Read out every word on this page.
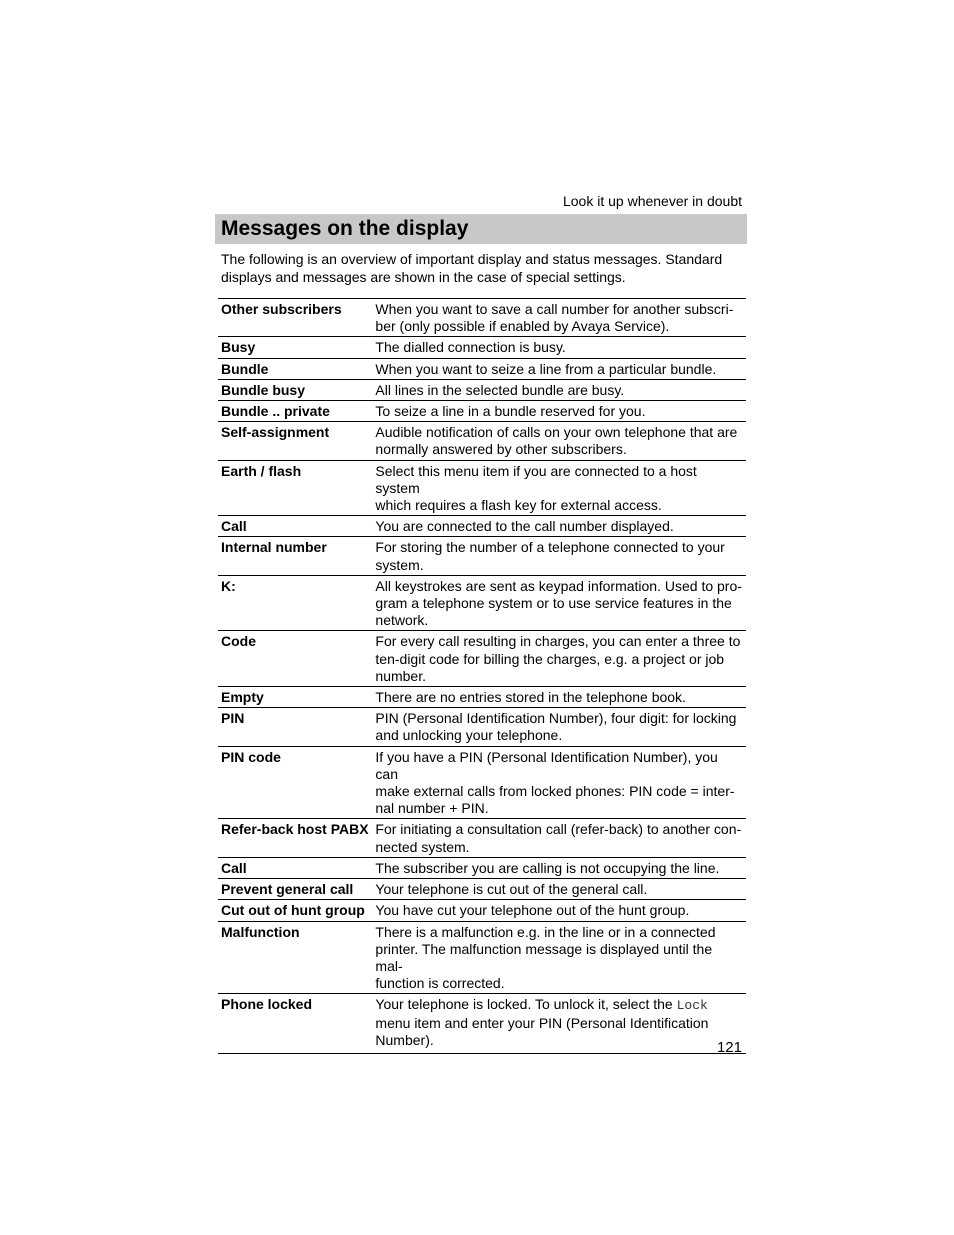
Look it up whenever in doubt
Messages on the display

The following is an overview of important display and status messages. Standard displays and messages are shown in the case of special settings.

Other subscribers	When you want to save a call number for another subscri-
ber (only possible if enabled by Avaya Service).
Busy	The dialled connection is busy.
Bundle	When you want to seize a line from a particular bundle.
Bundle busy	All lines in the selected bundle are busy.
Bundle .. private	To seize a line in a bundle reserved for you.
Self-assignment	Audible notification of calls on your own telephone that are
normally answered by other subscribers.
Earth / flash	Select this menu item if you are connected to a host system
which requires a flash key for external access.
Call	You are connected to the call number displayed.
Internal number	For storing the number of a telephone connected to your
system.
K:	All keystrokes are sent as keypad information. Used to pro-
gram a telephone system or to use service features in the
network.
Code	For every call resulting in charges, you can enter a three to
ten-digit code for billing the charges, e.g. a project or job
number.
Empty	There are no entries stored in the telephone book.
PIN	PIN (Personal Identification Number), four digit: for locking
and unlocking your telephone.
PIN code	If you have a PIN (Personal Identification Number), you can
make external calls from locked phones: PIN code = inter-
nal number + PIN.
Refer-back host PABX	For initiating a consultation call (refer-back) to another con-
nected system.
Call	The subscriber you are calling is not occupying the line.
Prevent general call	Your telephone is cut out of the general call.
Cut out of hunt group	You have cut your telephone out of the hunt group.
Malfunction	There is a malfunction e.g. in the line or in a connected
printer. The malfunction message is displayed until the mal-
function is corrected.
Phone locked	Your telephone is locked. To unlock it, select the Lock
menu item and enter your PIN (Personal Identification
Number).	121
